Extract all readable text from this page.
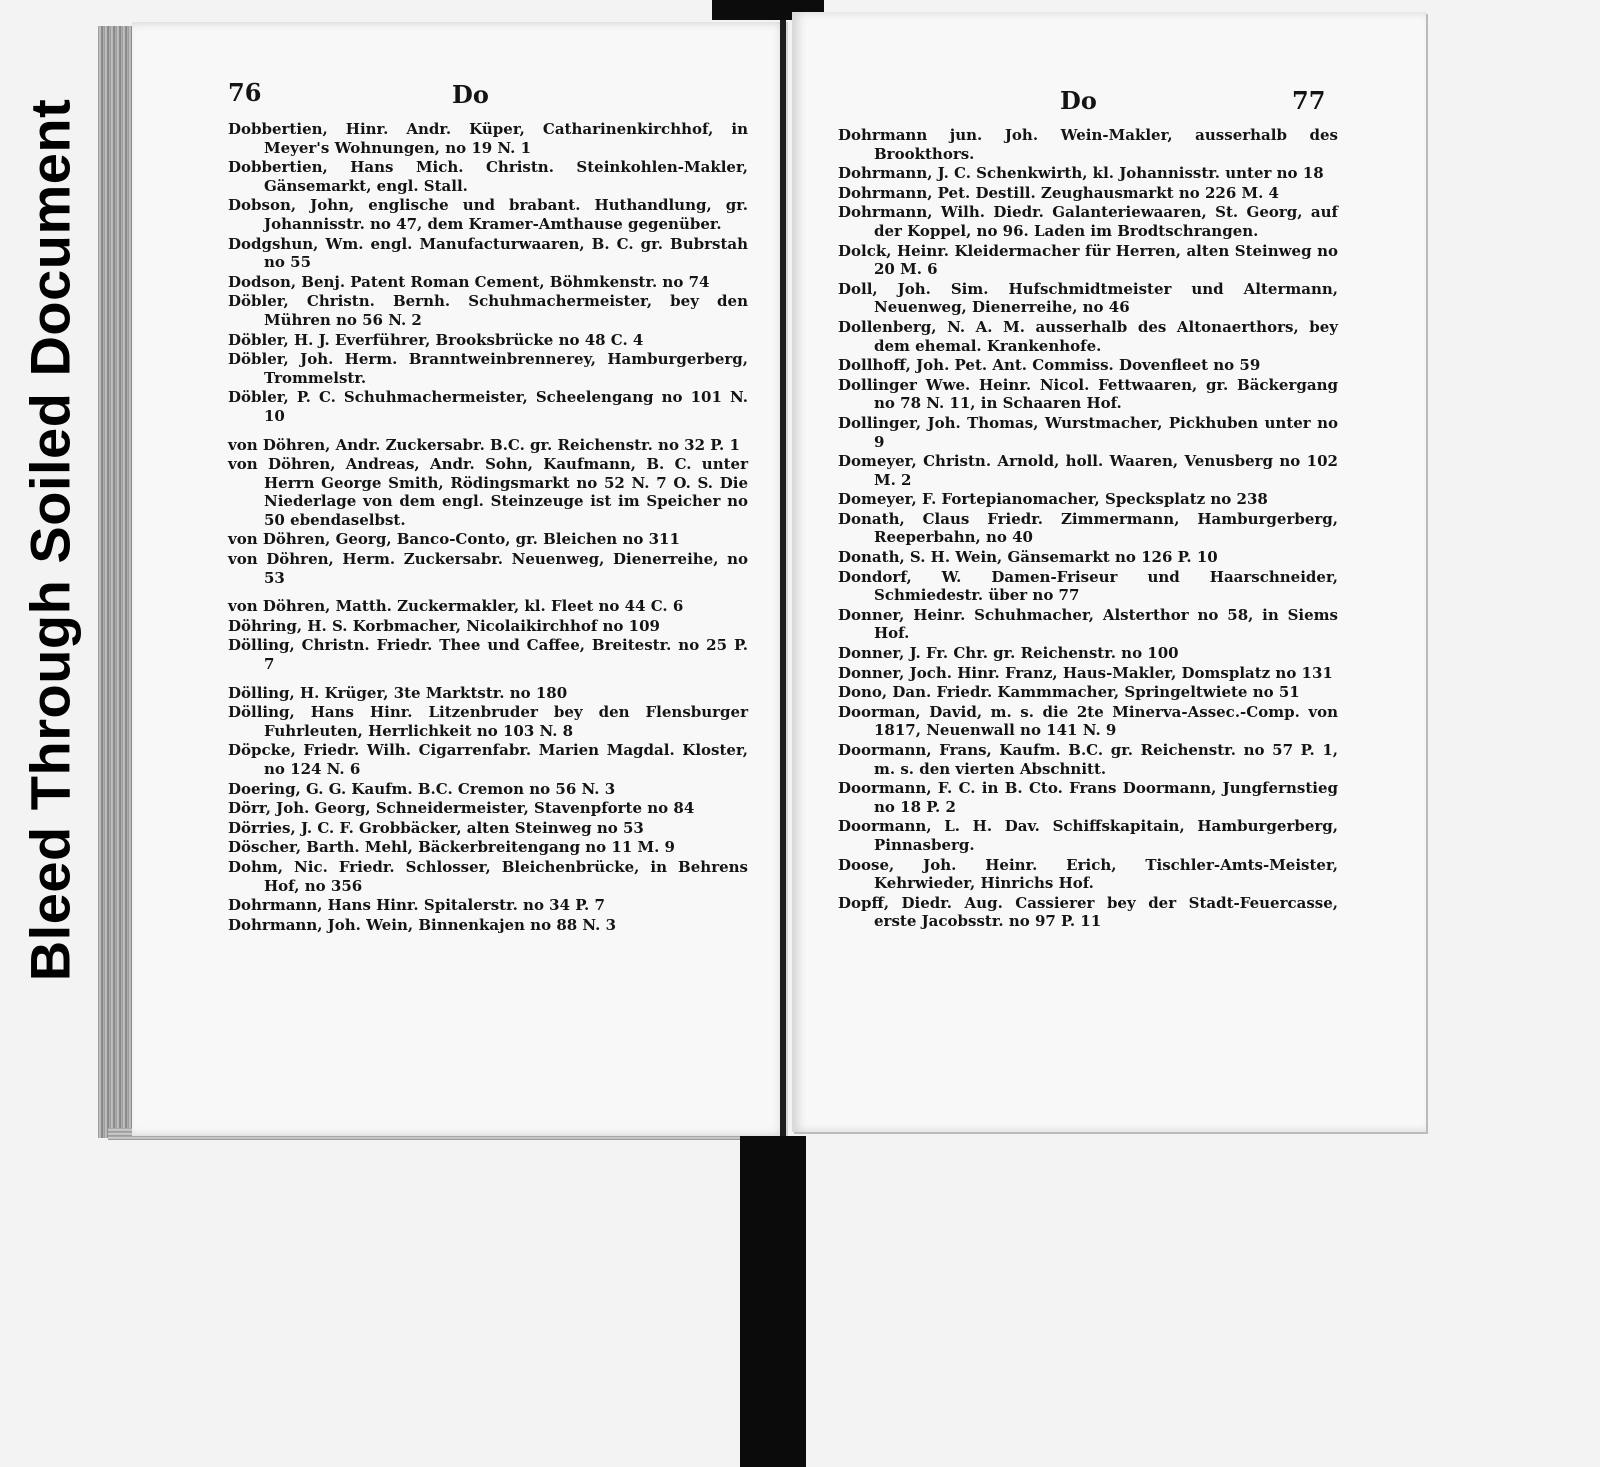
Bleed Through Soiled Document
76	Do
Dobbertien, Hinr. Andr. Küper, Catharinenkirchhof, in Meyer's Wohnungen, no 19 N. 1
Dobbertien, Hans Mich. Christn. Steinkohlen-Makler, Gänsemarkt, engl. Stall.
Dobson, John, englische und brabant. Huthandlung, gr. Johannisstr. no 47, dem Kramer-Amthause gegenüber.
Dodgshun, Wm. engl. Manufacturwaaren, B. C. gr. Bubrstah no 55
Dodson, Benj. Patent Roman Cement, Böhmkenstr. no 74
Döbler, Christn. Bernh. Schuhmachermeister, bey den Mühren no 56 N. 2
Döbler, H. J. Everführer, Brooksbrücke no 48 C. 4
Döbler, Joh. Herm. Branntweinbrennerey, Hamburgerberg, Trommelstr.
Döbler, P. C. Schuhmachermeister, Scheelengang no 101 N. 10
von Döhren, Andr. Zuckersabr. B.C. gr. Reichenstr. no 32 P. 1
von Döhren, Andreas, Andr. Sohn, Kaufmann, B. C. unter Herrn George Smith, Rödingsmarkt no 52 N. 7 O. S. Die Niederlage von dem engl. Steinzeuge ist im Speicher no 50 ebendaselbst.
von Döhren, Georg, Banco-Conto, gr. Bleichen no 311
von Döhren, Herm. Zuckersabr. Neuenweg, Dienerreihe, no 53
von Döhren, Matth. Zuckermakler, kl. Fleet no 44 C. 6
Döhring, H. S. Korbmacher, Nicolaikirchhof no 109
Dölling, Christn. Friedr. Thee und Caffee, Breitestr. no 25 P. 7
Dölling, H. Krüger, 3te Marktstr. no 180
Dölling, Hans Hinr. Litzenbruder bey den Flensburger Fuhrleuten, Herrlichkeit no 103 N. 8
Döpcke, Friedr. Wilh. Cigarrenfabr. Marien Magdal. Kloster, no 124 N. 6
Doering, G. G. Kaufm. B.C. Cremon no 56 N. 3
Dörr, Joh. Georg, Schneidermeister, Stavenpforte no 84
Dörries, J. C. F. Grobbäcker, alten Steinweg no 53
Döscher, Barth. Mehl, Bäckerbreitengang no 11 M. 9
Dohm, Nic. Friedr. Schlosser, Bleichenbrücke, in Behrens Hof, no 356
Dohrmann, Hans Hinr. Spitalerstr. no 34 P. 7
Dohrmann, Joh. Wein, Binnenkajen no 88 N. 3
Do	77
Dohrmann jun. Joh. Wein-Makler, ausserhalb des Brookthors.
Dohrmann, J. C. Schenkwirth, kl. Johannisstr. unter no 18
Dohrmann, Pet. Destill. Zeughausmarkt no 226 M. 4
Dohrmann, Wilh. Diedr. Galanteriewaaren, St. Georg, auf der Koppel, no 96. Laden im Brodtschrangen.
Dolck, Heinr. Kleidermacher für Herren, alten Steinweg no 20 M. 6
Doll, Joh. Sim. Hufschmidtmeister und Altermann, Neuenweg, Dienerreihe, no 46
Dollenberg, N. A. M. ausserhalb des Altonaerthors, bey dem ehemal. Krankenhofe.
Dollhoff, Joh. Pet. Ant. Commiss. Dovenfleet no 59
Dollinger Wwe. Heinr. Nicol. Fettwaaren, gr. Bäckergang no 78 N. 11, in Schaaren Hof.
Dollinger, Joh. Thomas, Wurstmacher, Pickhuben unter no 9
Domeyer, Christn. Arnold, holl. Waaren, Venusberg no 102 M. 2
Domeyer, F. Fortepianomacher, Specksplatz no 238
Donath, Claus Friedr. Zimmermann, Hamburgerberg, Reeperbahn, no 40
Donath, S. H. Wein, Gänsemarkt no 126 P. 10
Dondorf, W. Damen-Friseur und Haarschneider, Schmiedestr. über no 77
Donner, Heinr. Schuhmacher, Alsterthor no 58, in Siems Hof.
Donner, J. Fr. Chr. gr. Reichenstr. no 100
Donner, Joch. Hinr. Franz, Haus-Makler, Domsplatz no 131
Dono, Dan. Friedr. Kammmacher, Springeltwiete no 51
Doorman, David, m. s. die 2te Minerva-Assec.-Comp. von 1817, Neuenwall no 141 N. 9
Doormann, Frans, Kaufm. B.C. gr. Reichenstr. no 57 P. 1, m. s. den vierten Abschnitt.
Doormann, F. C. in B. Cto. Frans Doormann, Jungfernstieg no 18 P. 2
Doormann, L. H. Dav. Schiffskapitain, Hamburgerberg, Pinnasberg.
Doose, Joh. Heinr. Erich, Tischler-Amts-Meister, Kehrwieder, Hinrichs Hof.
Dopff, Diedr. Aug. Cassierer bey der Stadt-Feuercasse, erste Jacobsstr. no 97 P. 11
